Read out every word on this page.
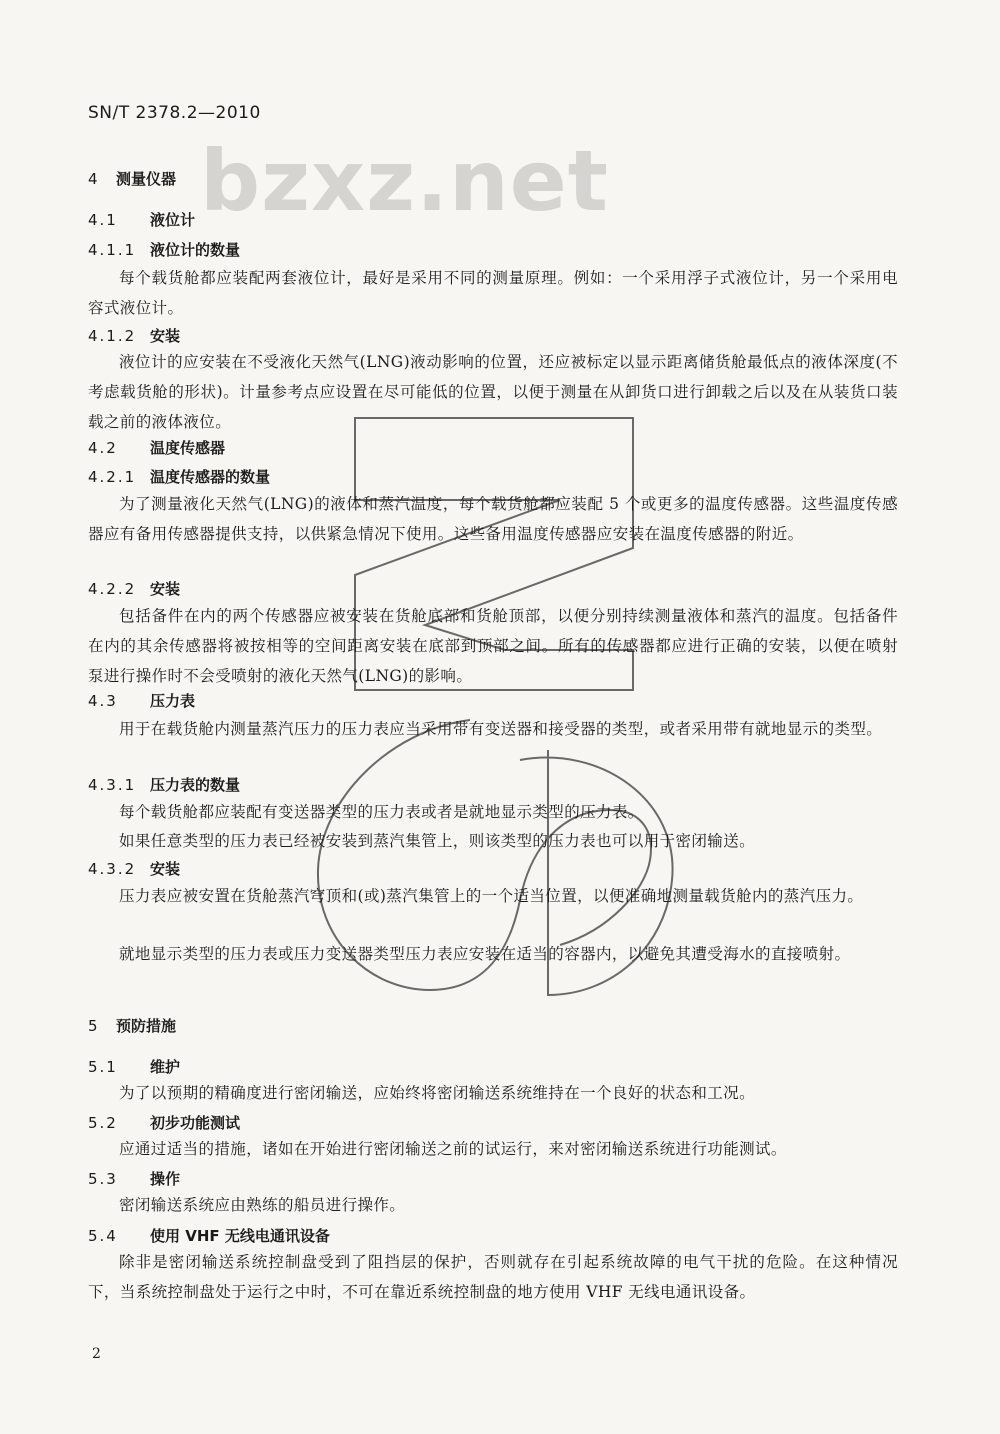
SN/T 2378.2—2010
bzxz.net
4 测量仪器
4.1 液位计
4.1.1 液位计的数量
每个载货舱都应装配两套液位计，最好是采用不同的测量原理。例如：一个采用浮子式液位计，另一个采用电容式液位计。
4.1.2 安装
液位计的应安装在不受液化天然气(LNG)液动影响的位置，还应被标定以显示距离储货舱最低点的液体深度(不考虑载货舱的形状)。计量参考点应设置在尽可能低的位置，以便于测量在从卸货口进行卸载之后以及在从装货口装载之前的液体液位。
4.2 温度传感器
4.2.1 温度传感器的数量
为了测量液化天然气(LNG)的液体和蒸汽温度，每个载货舱都应装配 5 个或更多的温度传感器。这些温度传感器应有备用传感器提供支持，以供紧急情况下使用。这些备用温度传感器应安装在温度传感器的附近。
4.2.2 安装
包括备件在内的两个传感器应被安装在货舱底部和货舱顶部，以便分别持续测量液体和蒸汽的温度。包括备件在内的其余传感器将被按相等的空间距离安装在底部到顶部之间。所有的传感器都应进行正确的安装，以便在喷射泵进行操作时不会受喷射的液化天然气(LNG)的影响。
4.3 压力表
用于在载货舱内测量蒸汽压力的压力表应当采用带有变送器和接受器的类型，或者采用带有就地显示的类型。
4.3.1 压力表的数量
每个载货舱都应装配有变送器类型的压力表或者是就地显示类型的压力表。
如果任意类型的压力表已经被安装到蒸汽集管上，则该类型的压力表也可以用于密闭输送。
4.3.2 安装
压力表应被安置在货舱蒸汽穹顶和(或)蒸汽集管上的一个适当位置，以便准确地测量载货舱内的蒸汽压力。
就地显示类型的压力表或压力变送器类型压力表应安装在适当的容器内，以避免其遭受海水的直接喷射。
5 预防措施
5.1 维护
为了以预期的精确度进行密闭输送，应始终将密闭输送系统维持在一个良好的状态和工况。
5.2 初步功能测试
应通过适当的措施，诸如在开始进行密闭输送之前的试运行，来对密闭输送系统进行功能测试。
5.3 操作
密闭输送系统应由熟练的船员进行操作。
5.4 使用 VHF 无线电通讯设备
除非是密闭输送系统控制盘受到了阻挡层的保护，否则就存在引起系统故障的电气干扰的危险。在这种情况下，当系统控制盘处于运行之中时，不可在靠近系统控制盘的地方使用 VHF 无线电通讯设备。
2
